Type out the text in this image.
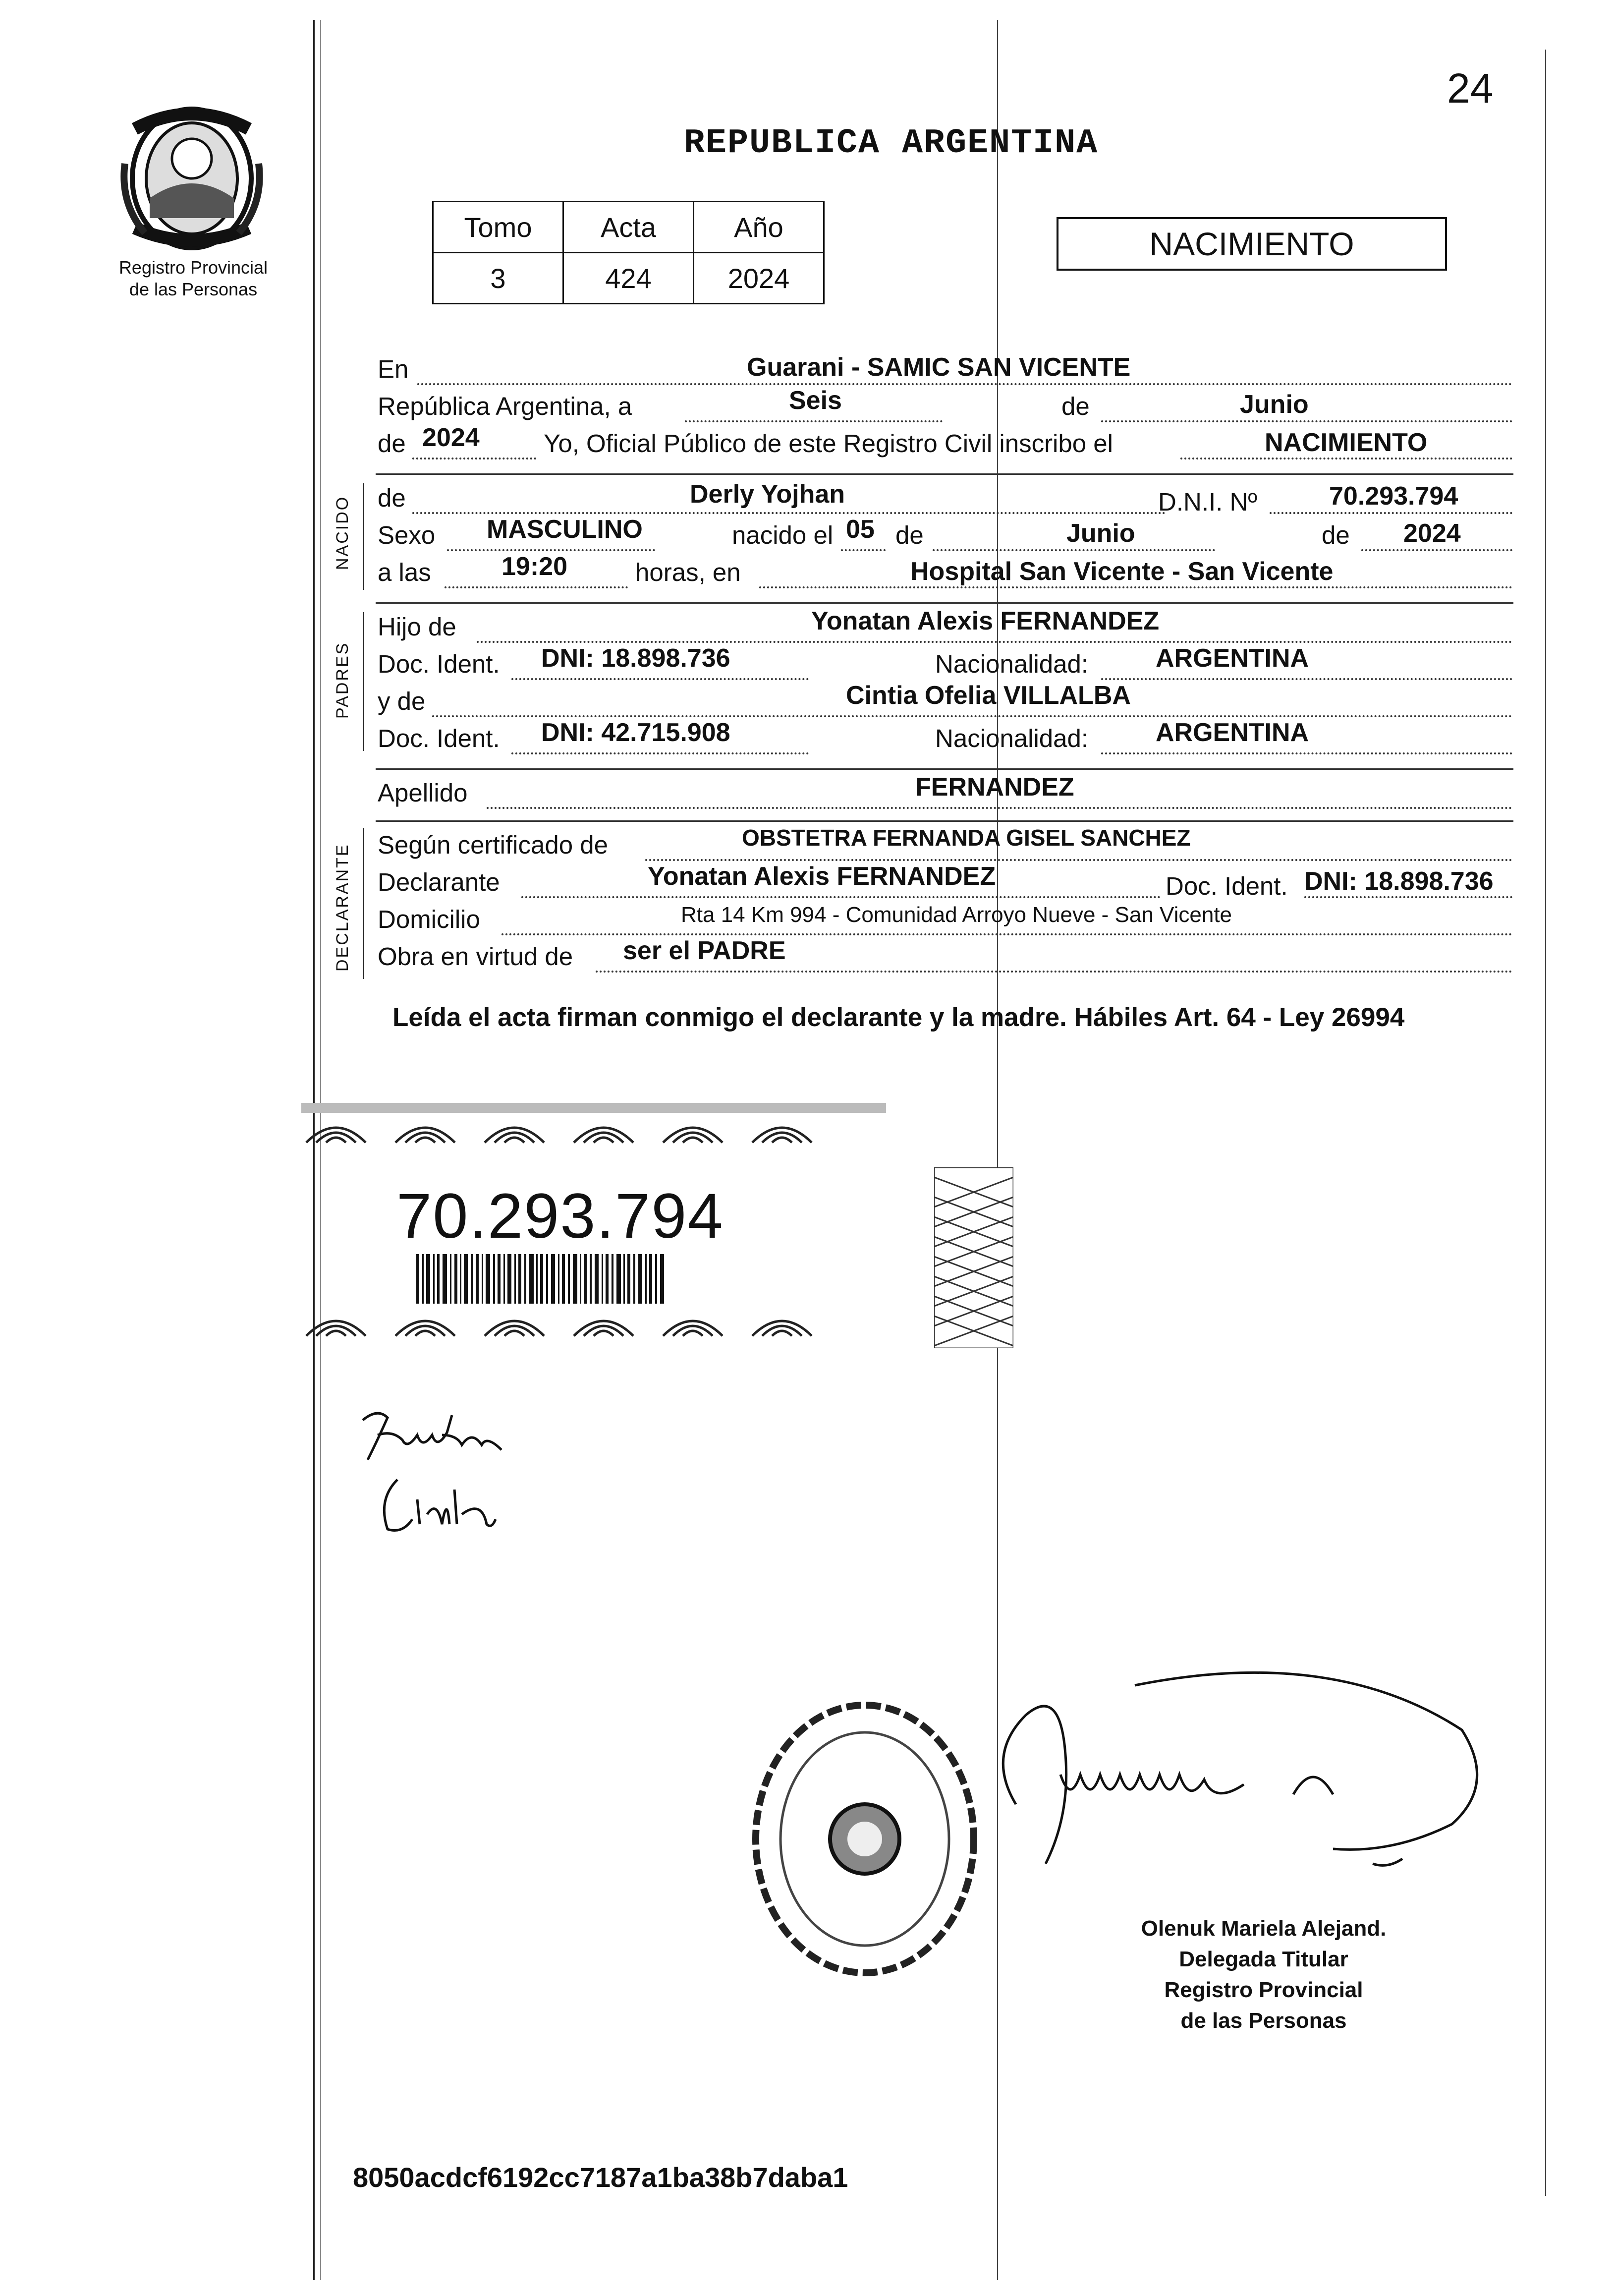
24
Registro Provincial
de las Personas
REPUBLICA ARGENTINA
Tomo	Acta	Año
3	424	2024
NACIMIENTO
NACIDO
PADRES
DECLARANTE
En	Guarani - SAMIC SAN VICENTE
República Argentina, a	Seis	de	Junio
de 2024	Yo, Oficial Público de este Registro Civil inscribo el	NACIMIENTO
de	Derly Yojhan	D.N.I. Nº	70.293.794
Sexo MASCULINO	nacido el 05 de	Junio	de 2024
a las	19:20	horas, en	Hospital San Vicente - San Vicente
Hijo de	Yonatan Alexis FERNANDEZ
Doc. Ident. DNI: 18.898.736	Nacionalidad:	ARGENTINA
y de	Cintia Ofelia VILLALBA
Doc. Ident. DNI: 42.715.908	Nacionalidad:	ARGENTINA
Apellido	FERNANDEZ
Según certificado de	OBSTETRA FERNANDA GISEL SANCHEZ
Declarante	Yonatan Alexis FERNANDEZ	Doc. Ident. DNI: 18.898.736
Domicilio	Rta 14 Km 994 - Comunidad Arroyo Nueve - San Vicente
Obra en virtud de ser el PADRE
Leída el acta firman conmigo el declarante y la madre. Hábiles Art. 64 - Ley 26994
70.293.794
Olenuk Mariela Alejand.
Delegada Titular
Registro Provincial
de las Personas
8050acdcf6192cc7187a1ba38b7daba1
